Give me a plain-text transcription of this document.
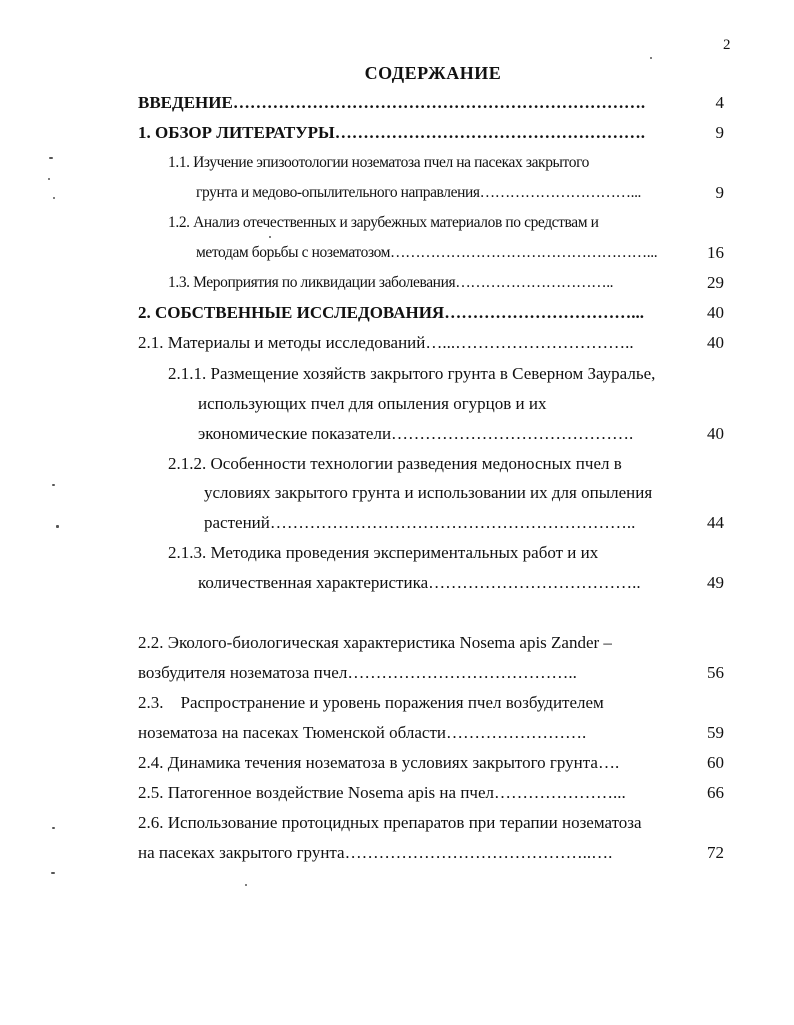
2
СОДЕРЖАНИЕ
ВВЕДЕНИЕ……………………………………………………………….	4
1. ОБЗОР ЛИТЕРАТУРЫ……………………………………………….	9
1.1. Изучение эпизоотологии нозематоза пчел на пасеках закрытого
грунта и медово-опылительного направления…………………………...	9
1.2. Анализ отечественных и зарубежных материалов по средствам и
методам борьбы с нозематозом……………………………………………...	16
1.3. Мероприятия по ликвидации заболевания…………………………..	29
2. СОБСТВЕННЫЕ ИССЛЕДОВАНИЯ……………………………...	40
2.1. Материалы и методы исследований…...…………………………..	40
2.1.1. Размещение хозяйств закрытого грунта в Северном Зауралье,
использующих пчел для опыления огурцов и их
экономические показатели…………………………………….	40
2.1.2. Особенности технологии разведения медоносных пчел в
условиях закрытого грунта и использовании их для опыления
растений………………………………………………………..	44
2.1.3. Методика проведения экспериментальных работ и их
количественная характеристика………………………………..	49
2.2. Эколого-биологическая характеристика Nosema apis Zander –
возбудителя нозематоза пчел…………………………………..	56
2.3.    Распространение и уровень поражения пчел возбудителем
нозематоза на пасеках Тюменской области…………………….	59
2.4. Динамика течения нозематоза в условиях закрытого грунта….	60
2.5. Патогенное воздействие Nosema apis на пчел…………………...	66
2.6. Использование протоцидных препаратов при терапии нозематоза
на пасеках закрытого грунта……………………………………..….	72
